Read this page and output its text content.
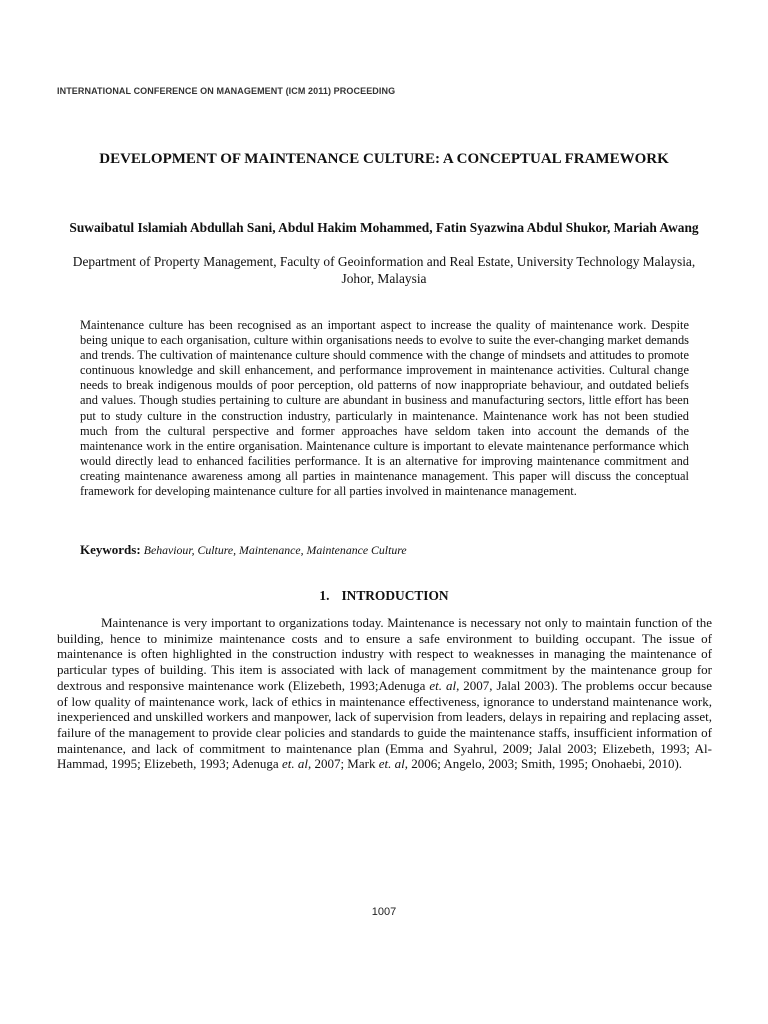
INTERNATIONAL CONFERENCE ON MANAGEMENT (ICM 2011) PROCEEDING
DEVELOPMENT OF MAINTENANCE CULTURE: A CONCEPTUAL FRAMEWORK
Suwaibatul Islamiah Abdullah Sani, Abdul Hakim Mohammed, Fatin Syazwina Abdul Shukor, Mariah Awang
Department of Property Management, Faculty of Geoinformation and Real Estate, University Technology Malaysia, Johor, Malaysia

Maintenance culture has been recognised as an important aspect to increase the quality of maintenance work. Despite being unique to each organisation, culture within organisations needs to evolve to suite the ever-changing market demands and trends. The cultivation of maintenance culture should commence with the change of mindsets and attitudes to promote continuous knowledge and skill enhancement, and performance improvement in maintenance activities. Cultural change needs to break indigenous moulds of poor perception, old patterns of now inappropriate behaviour, and outdated beliefs and values. Though studies pertaining to culture are abundant in business and manufacturing sectors, little effort has been put to study culture in the construction industry, particularly in maintenance. Maintenance work has not been studied much from the cultural perspective and former approaches have seldom taken into account the demands of the maintenance work in the entire organisation. Maintenance culture is important to elevate maintenance performance which would directly lead to enhanced facilities performance. It is an alternative for improving maintenance commitment and creating maintenance awareness among all parties in maintenance management. This paper will discuss the conceptual framework for developing maintenance culture for all parties involved in maintenance management.

Keywords: Behaviour, Culture, Maintenance, Maintenance Culture

1. INTRODUCTION

Maintenance is very important to organizations today. Maintenance is necessary not only to maintain function of the building, hence to minimize maintenance costs and to ensure a safe environment to building occupant. The issue of maintenance is often highlighted in the construction industry with respect to weaknesses in managing the maintenance of particular types of building. This item is associated with lack of management commitment by the maintenance group for dextrous and responsive maintenance work (Elizebeth, 1993;Adenuga et. al, 2007, Jalal 2003). The problems occur because of low quality of maintenance work, lack of ethics in maintenance effectiveness, ignorance to understand maintenance work, inexperienced and unskilled workers and manpower, lack of supervision from leaders, delays in repairing and replacing asset, failure of the management to provide clear policies and standards to guide the maintenance staffs, insufficient information of maintenance, and lack of commitment to maintenance plan (Emma and Syahrul, 2009; Jalal 2003; Elizebeth, 1993; Al-Hammad, 1995; Elizebeth, 1993; Adenuga et. al, 2007; Mark et. al, 2006; Angelo, 2003; Smith, 1995; Onohaebi, 2010).

1007
